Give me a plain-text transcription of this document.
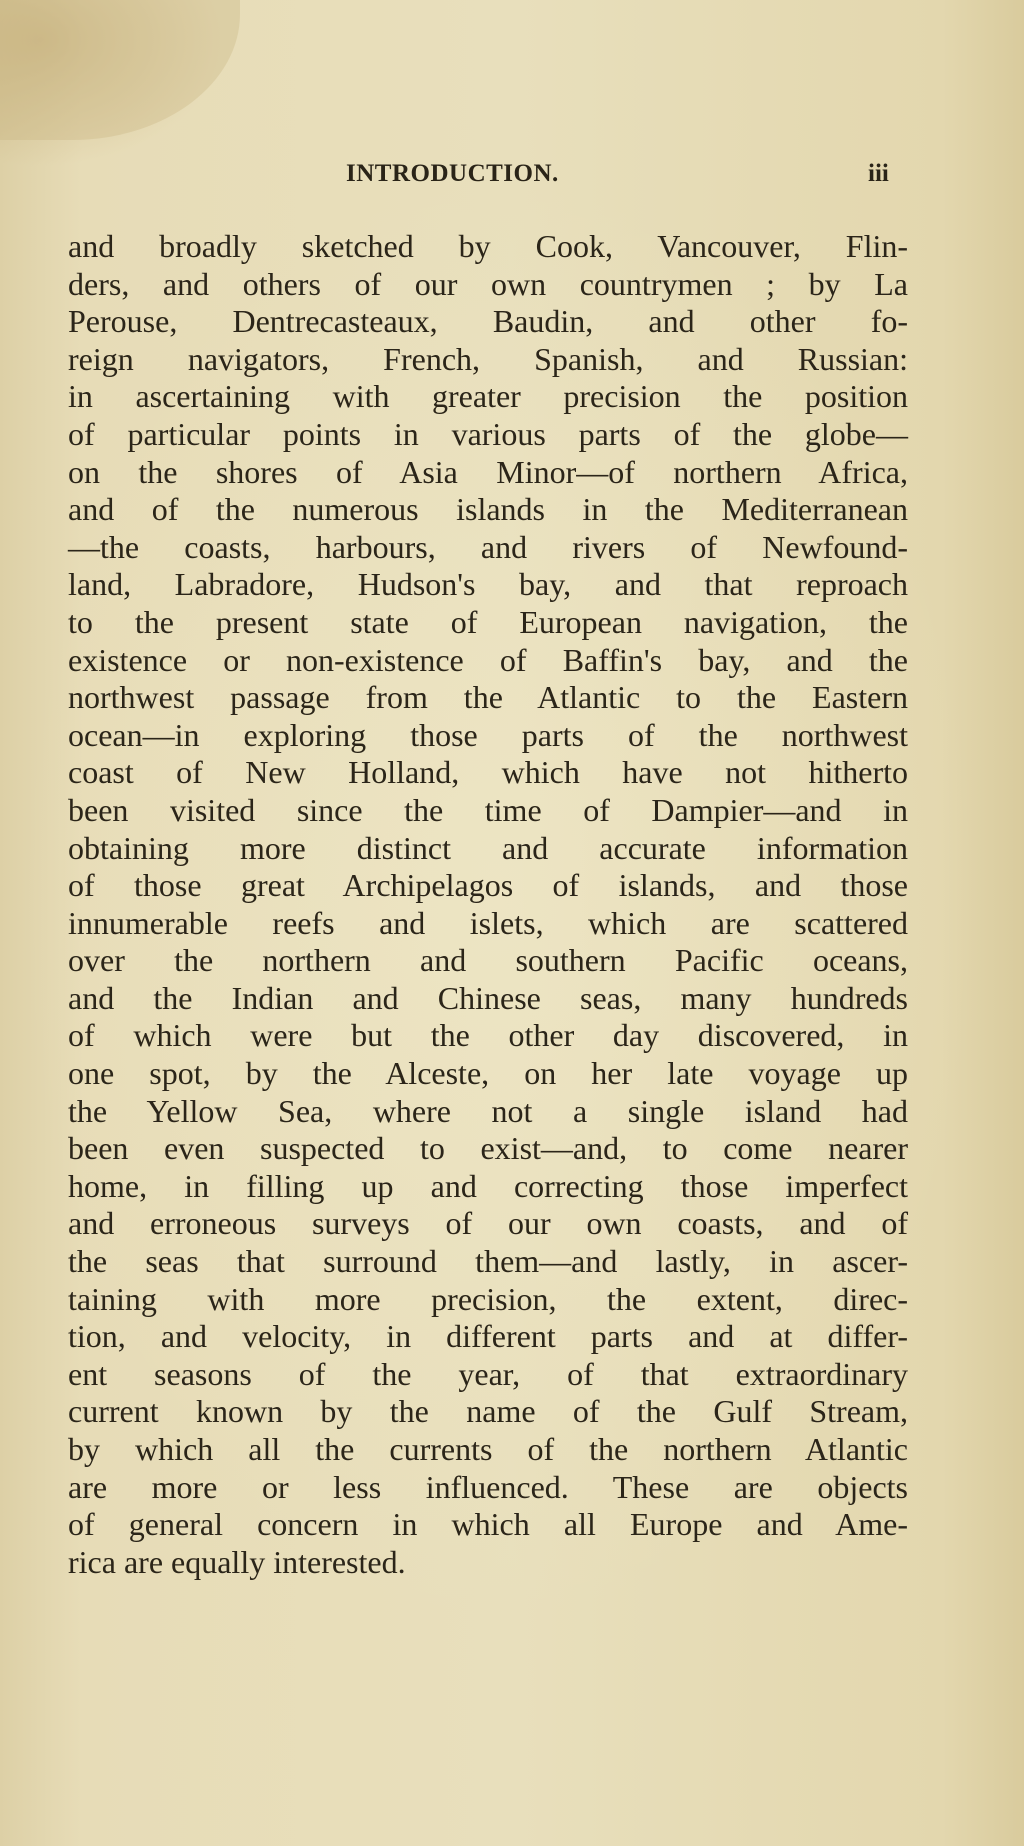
INTRODUCTION.	iii
and broadly sketched by Cook, Vancouver, Flin-
ders, and others of our own countrymen ; by La
Perouse, Dentrecasteaux, Baudin, and other fo-
reign navigators, French, Spanish, and Russian:
in ascertaining with greater precision the position
of particular points in various parts of the globe—
on the shores of Asia Minor—of northern Africa,
and of the numerous islands in the Mediterranean
—the coasts, harbours, and rivers of Newfound-
land, Labradore, Hudson's bay, and that reproach
to the present state of European navigation, the
existence or non-existence of Baffin's bay, and the
northwest passage from the Atlantic to the Eastern
ocean—in exploring those parts of the northwest
coast of New Holland, which have not hitherto
been visited since the time of Dampier—and in
obtaining more distinct and accurate information
of those great Archipelagos of islands, and those
innumerable reefs and islets, which are scattered
over the northern and southern Pacific oceans,
and the Indian and Chinese seas, many hundreds
of which were but the other day discovered, in
one spot, by the Alceste, on her late voyage up
the Yellow Sea, where not a single island had
been even suspected to exist—and, to come nearer
home, in filling up and correcting those imperfect
and erroneous surveys of our own coasts, and of
the seas that surround them—and lastly, in ascer-
taining with more precision, the extent, direc-
tion, and velocity, in different parts and at differ-
ent seasons of the year, of that extraordinary
current known by the name of the Gulf Stream,
by which all the currents of the northern Atlantic
are more or less influenced. These are objects
of general concern in which all Europe and Ame-
rica are equally interested.
